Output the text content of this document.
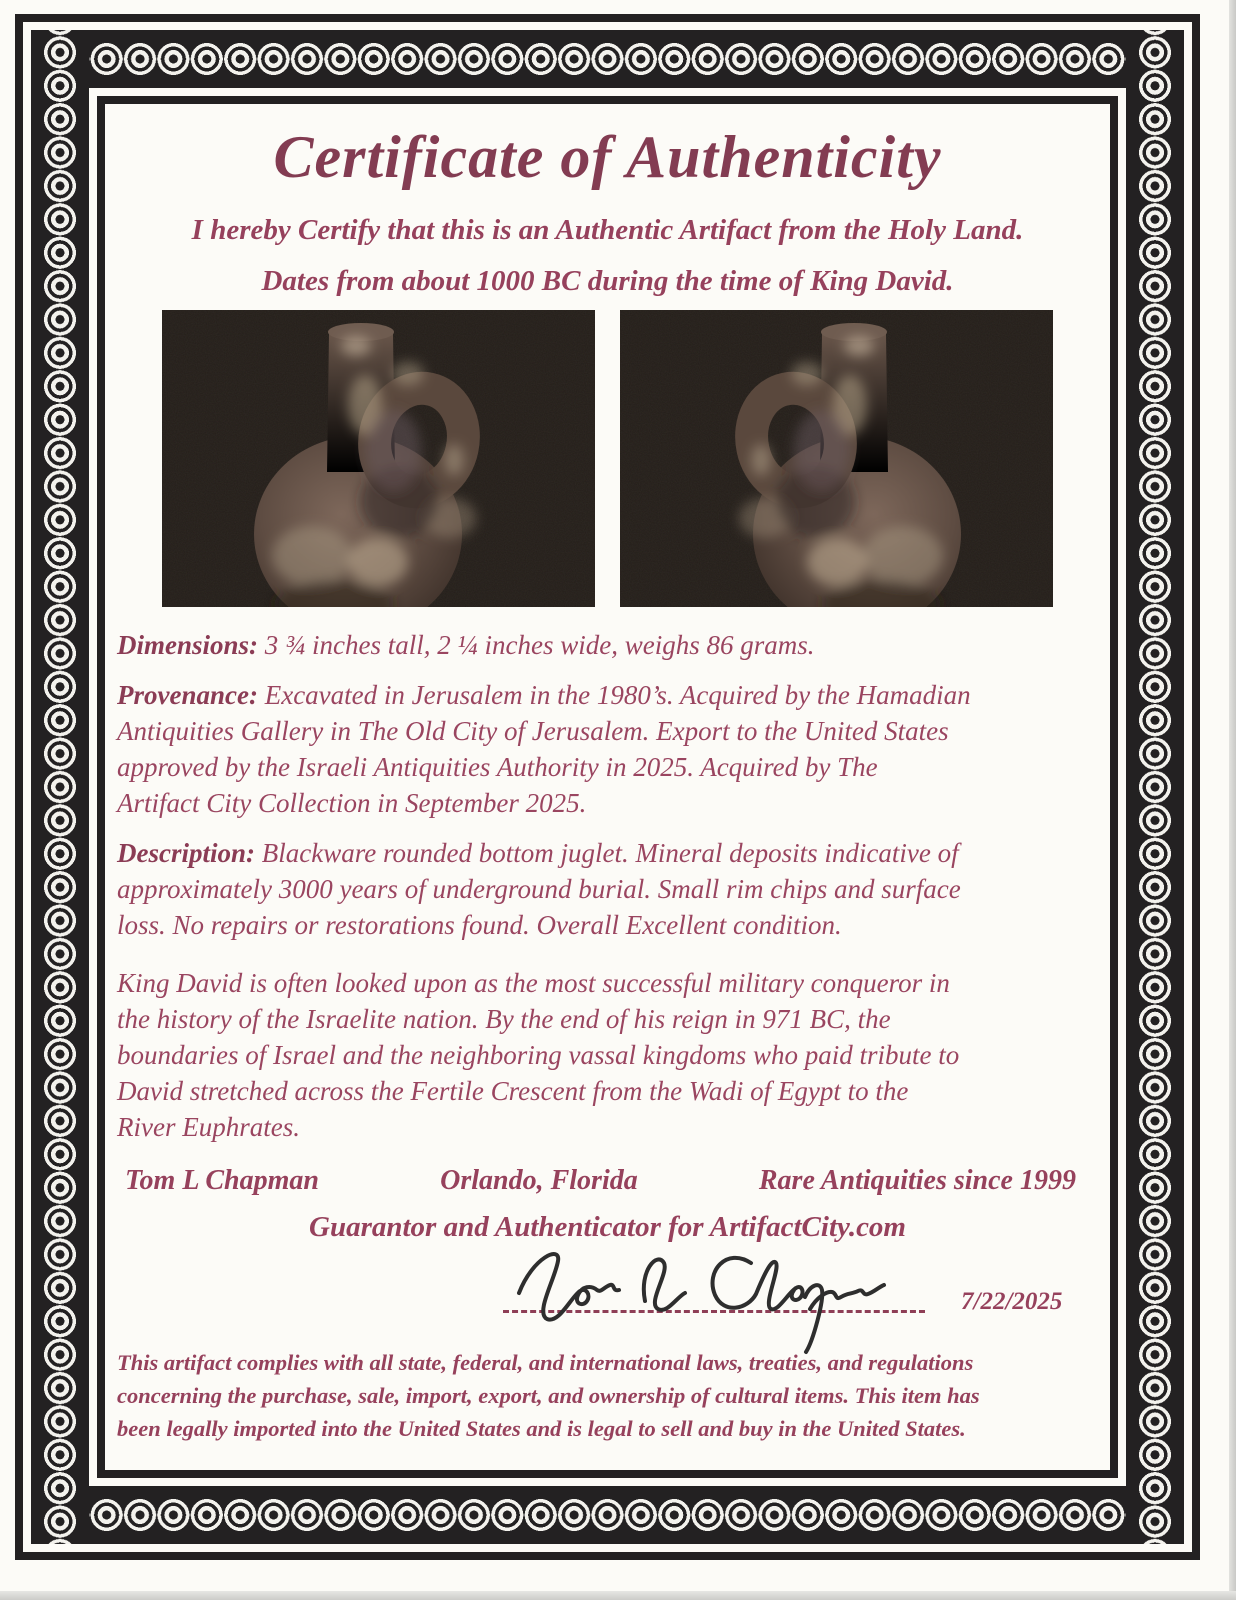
Certificate of Authenticity

I hereby Certify that this is an Authentic Artifact from the Holy Land.

Dates from about 1000 BC during the time of King David.

Dimensions: 3 ¾ inches tall, 2 ¼ inches wide, weighs 86 grams.

Provenance: Excavated in Jerusalem in the 1980’s. Acquired by the Hamadian
Antiquities Gallery in The Old City of Jerusalem. Export to the United States
approved by the Israeli Antiquities Authority in 2025. Acquired by The
Artifact City Collection in September 2025.
Description: Blackware rounded bottom juglet. Mineral deposits indicative of
approximately 3000 years of underground burial. Small rim chips and surface
loss. No repairs or restorations found. Overall Excellent condition.
King David is often looked upon as the most successful military conqueror in
the history of the Israelite nation. By the end of his reign in 971 BC, the
boundaries of Israel and the neighboring vassal kingdoms who paid tribute to
David stretched across the Fertile Crescent from the Wadi of Egypt to the
River Euphrates.
Tom L Chapman	Orlando, Florida	Rare Antiquities since 1999

Guarantor and Authenticator for ArtifactCity.com

7/22/2025
This artifact complies with all state, federal, and international laws, treaties, and regulations
concerning the purchase, sale, import, export, and ownership of cultural items. This item has
been legally imported into the United States and is legal to sell and buy in the United States.
